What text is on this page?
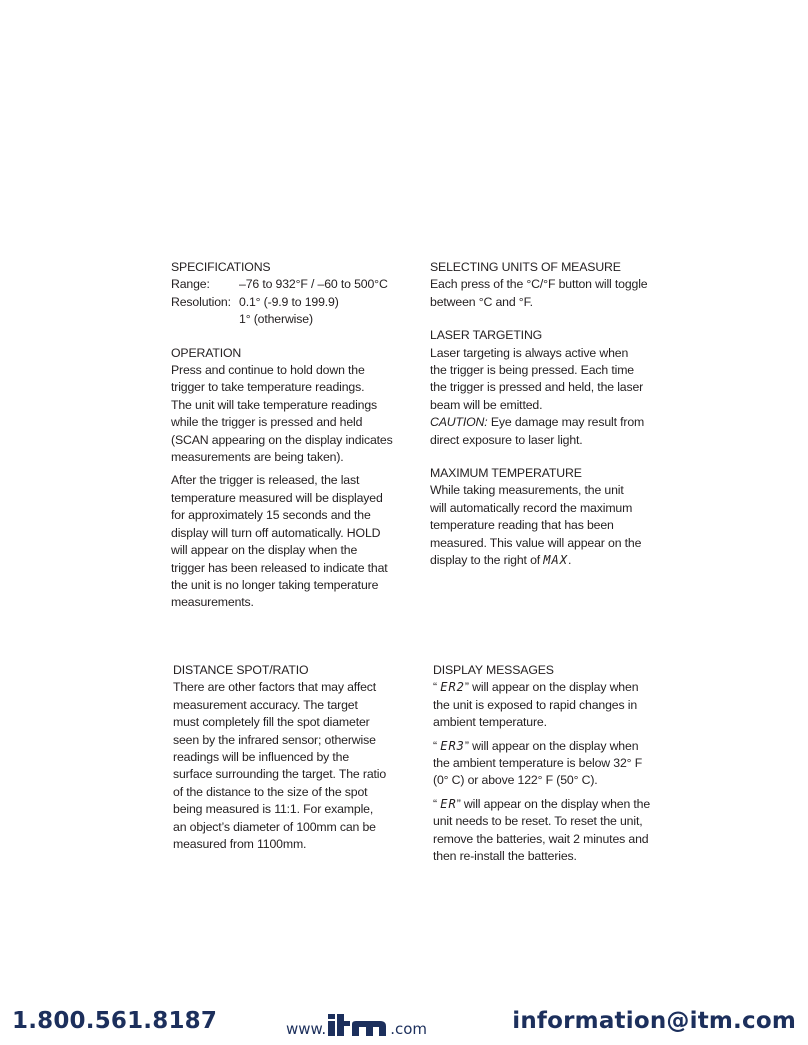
SPECIFICATIONS

Range:	–76 to 932°F / –60 to 500°C
Resolution: 0.1° (-9.9 to 199.9)
1° (otherwise)

OPERATION

Press and continue to hold down the

trigger to take temperature readings.

The unit will take temperature readings

while the trigger is pressed and held

(SCAN appearing on the display indicates

measurements are being taken).

After the trigger is released, the last

temperature measured will be displayed

for approximately 15 seconds and the

display will turn off automatically. HOLD

will appear on the display when the

trigger has been released to indicate that

the unit is no longer taking temperature

measurements.

SELECTING UNITS OF MEASURE

Each press of the °C/°F button will toggle

between °C and °F.

LASER TARGETING

Laser targeting is always active when

the trigger is being pressed. Each time

the trigger is pressed and held, the laser

beam will be emitted.

CAUTION: Eye damage may result from

direct exposure to laser light.

MAXIMUM TEMPERATURE

While taking measurements, the unit

will automatically record the maximum

temperature reading that has been

measured. This value will appear on the

display to the right of MAX.

DISTANCE SPOT/RATIO

There are other factors that may affect

measurement accuracy. The target

must completely fill the spot diameter

seen by the infrared sensor; otherwise

readings will be influenced by the

surface surrounding the target. The ratio

of the distance to the size of the spot

being measured is 11:1. For example,

an object’s diameter of 100mm can be

measured from 1100mm.

DISPLAY MESSAGES

“ ER2” will appear on the display when

the unit is exposed to rapid changes in

ambient temperature.

“ ER3” will appear on the display when

the ambient temperature is below 32° F

(0° C) or above 122° F (50° C).

“ ER” will appear on the display when the

unit needs to be reset. To reset the unit,

remove the batteries, wait 2 minutes and

then re-install the batteries.

1.800.561.8187	www.
itm
.com	information@itm.com
